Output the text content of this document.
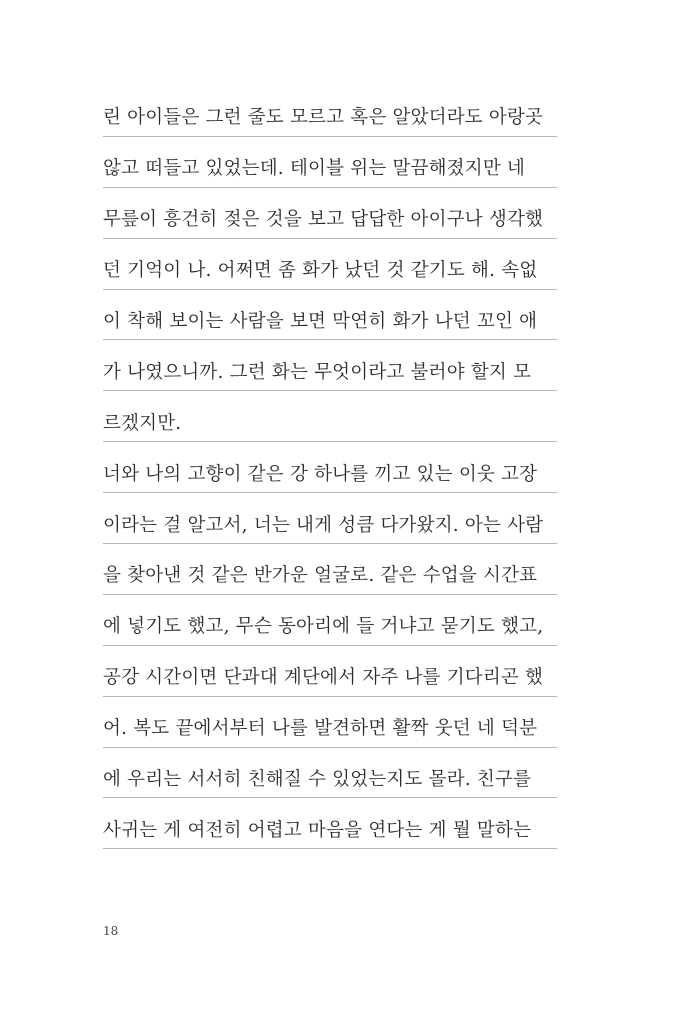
린 아이들은 그런 줄도 모르고 혹은 알았더라도 아랑곳
않고 떠들고 있었는데. 테이블 위는 말끔해졌지만 네
무릎이 흥건히 젖은 것을 보고 답답한 아이구나 생각했
던 기억이 나. 어쩌면 좀 화가 났던 것 같기도 해. 속없
이 착해 보이는 사람을 보면 막연히 화가 나던 꼬인 애
가 나였으니까. 그런 화는 무엇이라고 불러야 할지 모
르겠지만.
너와 나의 고향이 같은 강 하나를 끼고 있는 이웃 고장
이라는 걸 알고서, 너는 내게 성큼 다가왔지. 아는 사람
을 찾아낸 것 같은 반가운 얼굴로. 같은 수업을 시간표
에 넣기도 했고, 무슨 동아리에 들 거냐고 묻기도 했고,
공강 시간이면 단과대 계단에서 자주 나를 기다리곤 했
어. 복도 끝에서부터 나를 발견하면 활짝 웃던 네 덕분
에 우리는 서서히 친해질 수 있었는지도 몰라. 친구를
사귀는 게 여전히 어렵고 마음을 연다는 게 뭘 말하는
18
